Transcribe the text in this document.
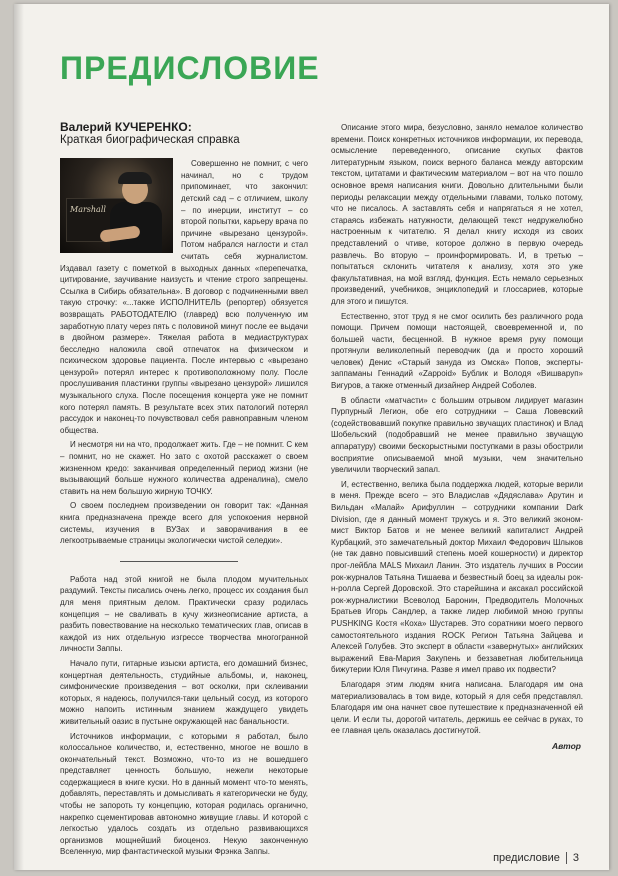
ПРЕДИСЛОВИЕ
Валерий КУЧЕРЕНКО:
Краткая биографическая справка
Marshall

Совершенно не помнит, с чего начинал, но с трудом припоминает, что закончил: детский сад – с отличием, школу – по инерции, институт – со второй попытки, карьеру врача по причине «вырезано цензурой». Потом набрался наглости и стал считать себя журналистом. Издавал газету с пометкой в выходных данных «перепечатка, цитирование, заучивание наизусть и чтение строго запрещены. Ссылка в Сибирь обязательна». В договор с подчиненными ввел такую строчку: «...также ИСПОЛНИТЕЛЬ (репортер) обязуется возвращать РАБОТОДАТЕЛЮ (главред) всю полученную им заработную плату через пять с половиной минут после ее выдачи в двойном размере». Тяжелая работа в медиаструктурах бесследно наложила свой отпечаток на физическом и психическом здоровье пациента. После интервью с «вырезано цензурой» потерял интерес к противоположному полу. После прослушивания пластинки группы «вырезано цензурой» лишился музыкального слуха. После посещения концерта уже не помнит кого потерял память. В результате всех этих патологий потерял рассудок и наконец-то почувствовал себя равноправным членом общества.

И несмотря ни на что, продолжает жить. Где – не помнит. С кем – помнит, но не скажет. Но зато с охотой расскажет о своем жизненном кредо: заканчивая определенный период жизни (не вызывающий больше нужного количества адреналина), смело ставить на нем большую жирную ТОЧКУ.

О своем последнем произведении он говорит так: «Данная книга предназначена прежде всего для успокоения нервной системы, изучения в ВУЗах и заворачивания в ее легкоотрываемые страницы экологически чистой селедки».

Работа над этой книгой не была плодом мучительных раздумий. Тексты писались очень легко, процесс их создания был для меня приятным делом. Практически сразу родилась концепция – не сваливать в кучу жизнеописание артиста, а разбить повествование на несколько тематических глав, описав в каждой из них отдельную изгрессе творчества многогранной личности Заппы.

Начало пути, гитарные изыски артиста, его домашний бизнес, концертная деятельность, студийные альбомы, и, наконец, симфонические произведения – вот осколки, при склеивании которых, я надеюсь, получился-таки цельный сосуд, из которого можно напоить истинным знанием жаждущего увидеть живительный оазис в пустыне окружающей нас банальности.

Источников информации, с которыми я работал, было колоссальное количество, и, естественно, многое не вошло в окончательный текст. Возможно, что-то из не вошедшего представляет ценность большую, нежели некоторые содержащиеся в книге куски. Но в данный момент что-то менять, добавлять, переставлять и домысливать я категорически не буду, чтобы не запороть ту концепцию, которая родилась органично, накрепко сцементировав автономно живущие главы. И которой с легкостью удалось создать из отдельно развивающихся организмов мощнейший биоценоз. Некую законченную Вселенную, мир фантастической музыки Фрэнка Заппы.

Описание этого мира, безусловно, заняло немалое количество времени. Поиск конкретных источников информации, их перевода, осмысление переведенного, описание скупых фактов литературным языком, поиск верного баланса между авторским текстом, цитатами и фактическим материалом – вот на что пошло основное время написания книги. Довольно длительными были периоды релаксации между отдельными главами, только потому, что не писалось. А заставлять себя и напрягаться я не хотел, стараясь избежать натужности, делающей текст недружелюбно настроенным к читателю. Я делал книгу исходя из своих представлений о чтиве, которое должно в первую очередь развлечь. Во вторую – проинформировать. И, в третью – попытаться склонить читателя к анализу, хотя это уже факультативная, на мой взгляд, функция. Есть немало серьезных произведений, учебников, энциклопедий и глоссариев, которые для этого и пишутся.

Естественно, этот труд я не смог осилить без различного рода помощи. Причем помощи настоящей, своевременной и, по большей части, бесценной. В нужное время руку помощи протянули великолепный переводчик (да и просто хороший человек) Денис «Старый зануда из Омска» Попов, эксперты-заппаманы Геннадий «Zappoid» Бублик и Володя «Вишваруп» Вигуров, а также отменный дизайнер Андрей Соболев.

В области «матчасти» с большим отрывом лидирует магазин Пурпурный Легион, обе его сотрудники – Саша Ловевский (содействовавший покупке правильно звучащих пластинок) и Влад Шобельский (подобравший не менее правильно звучащую аппаратуру) своими бескорыстными поступками в разы обострили восприятие описываемой мной музыки, чем значительно увеличили творческий запал.

И, естественно, велика была поддержка людей, которые верили в меня. Прежде всего – это Владислав «Дядяслава» Арутин и Вильдан «Малай» Арифуллин – сотрудники компании Dark Division, где я данный момент тружусь и я. Это великий эконом-мист Виктор Батов и не менее великий капиталист Андрей Курбацкий, это замечательный доктор Михаил Федорович Шлыков (не так давно повысивший степень моей кошерности) и директор прог-лейбла MALS Михаил Ланин. Это издатель лучших в России рок-журналов Татьяна Тишаева и безвестный боец за идеалы рок-н-ролла Сергей Доровской. Это старейшина и аксакал российской рок-журналистики Всеволод Баронин, Предводитель Молочных Братьев Игорь Сандлер, а также лидер любимой мною группы PUSHKING Костя «Коха» Шустарев. Это соратники моего первого самостоятельного издания ROCK Регион Татьяна Зайцева и Алексей Голубев. Это эксперт в области «завернутых» английских выражений Ева-Мария Закупень и беззаветная любительница бижутерии Юля Пичугина. Разве я имел право их подвести?

Благодаря этим людям книга написана. Благодаря им она материализовалась в том виде, который я для себя представлял. Благодаря им она начнет свое путешествие к предназначенной ей цели. И если ты, дорогой читатель, держишь ее сейчас в руках, то ее главная цель оказалась достигнутой.

Автор
предисловие 3
